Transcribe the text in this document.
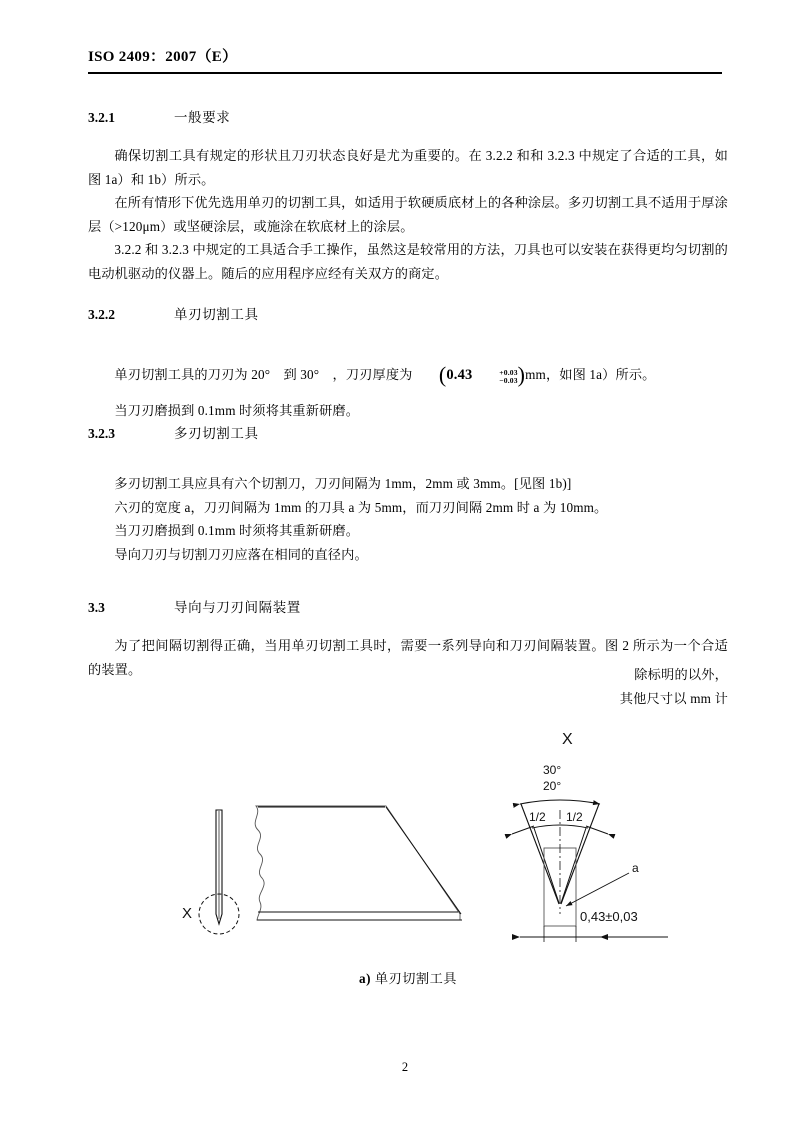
ISO 2409：2007（E）
3.2.1	一般要求

确保切割工具有规定的形状且刀刃状态良好是尤为重要的。在 3.2.2 和和 3.2.3 中规定了合适的工具，如图 1a）和 1b）所示。

在所有情形下优先选用单刃的切割工具，如适用于软硬质底材上的各种涂层。多刃切割工具不适用于厚涂层（>120μm）或坚硬涂层，或施涂在软底材上的涂层。

3.2.2 和 3.2.3 中规定的工具适合手工操作，虽然这是较常用的方法，刀具也可以安装在获得更均匀切割的电动机驱动的仪器上。随后的应用程序应经有关双方的商定。

3.2.2	单刃切割工具

单刃切割工具的刀刃为 20°　到 30°　，刀刃厚度为 (0.43	+0.03
−0.03 )mm，如图 1a）所示。

当刀刃磨损到 0.1mm 时须将其重新研磨。

3.2.3	多刃切割工具

多刃切割工具应具有六个切割刀，刀刃间隔为 1mm，2mm 或 3mm。[见图 1b)]

六刃的宽度 a，刀刃间隔为 1mm 的刀具 a 为 5mm，而刀刃间隔 2mm 时 a 为 10mm。

当刀刃磨损到 0.1mm 时须将其重新研磨。

导向刀刃与切割刀刃应落在相同的直径内。

3.3	导向与刀刃间隔装置

为了把间隔切割得正确，当用单刃切割工具时，需要一系列导向和刀刃间隔装置。图 2 所示为一个合适的装置。	除标明的以外，
其他尺寸以 mm 计
X
X
30°
20°
1/2 1/2
a
0,43±0,03
a) 单刃切割工具
2
